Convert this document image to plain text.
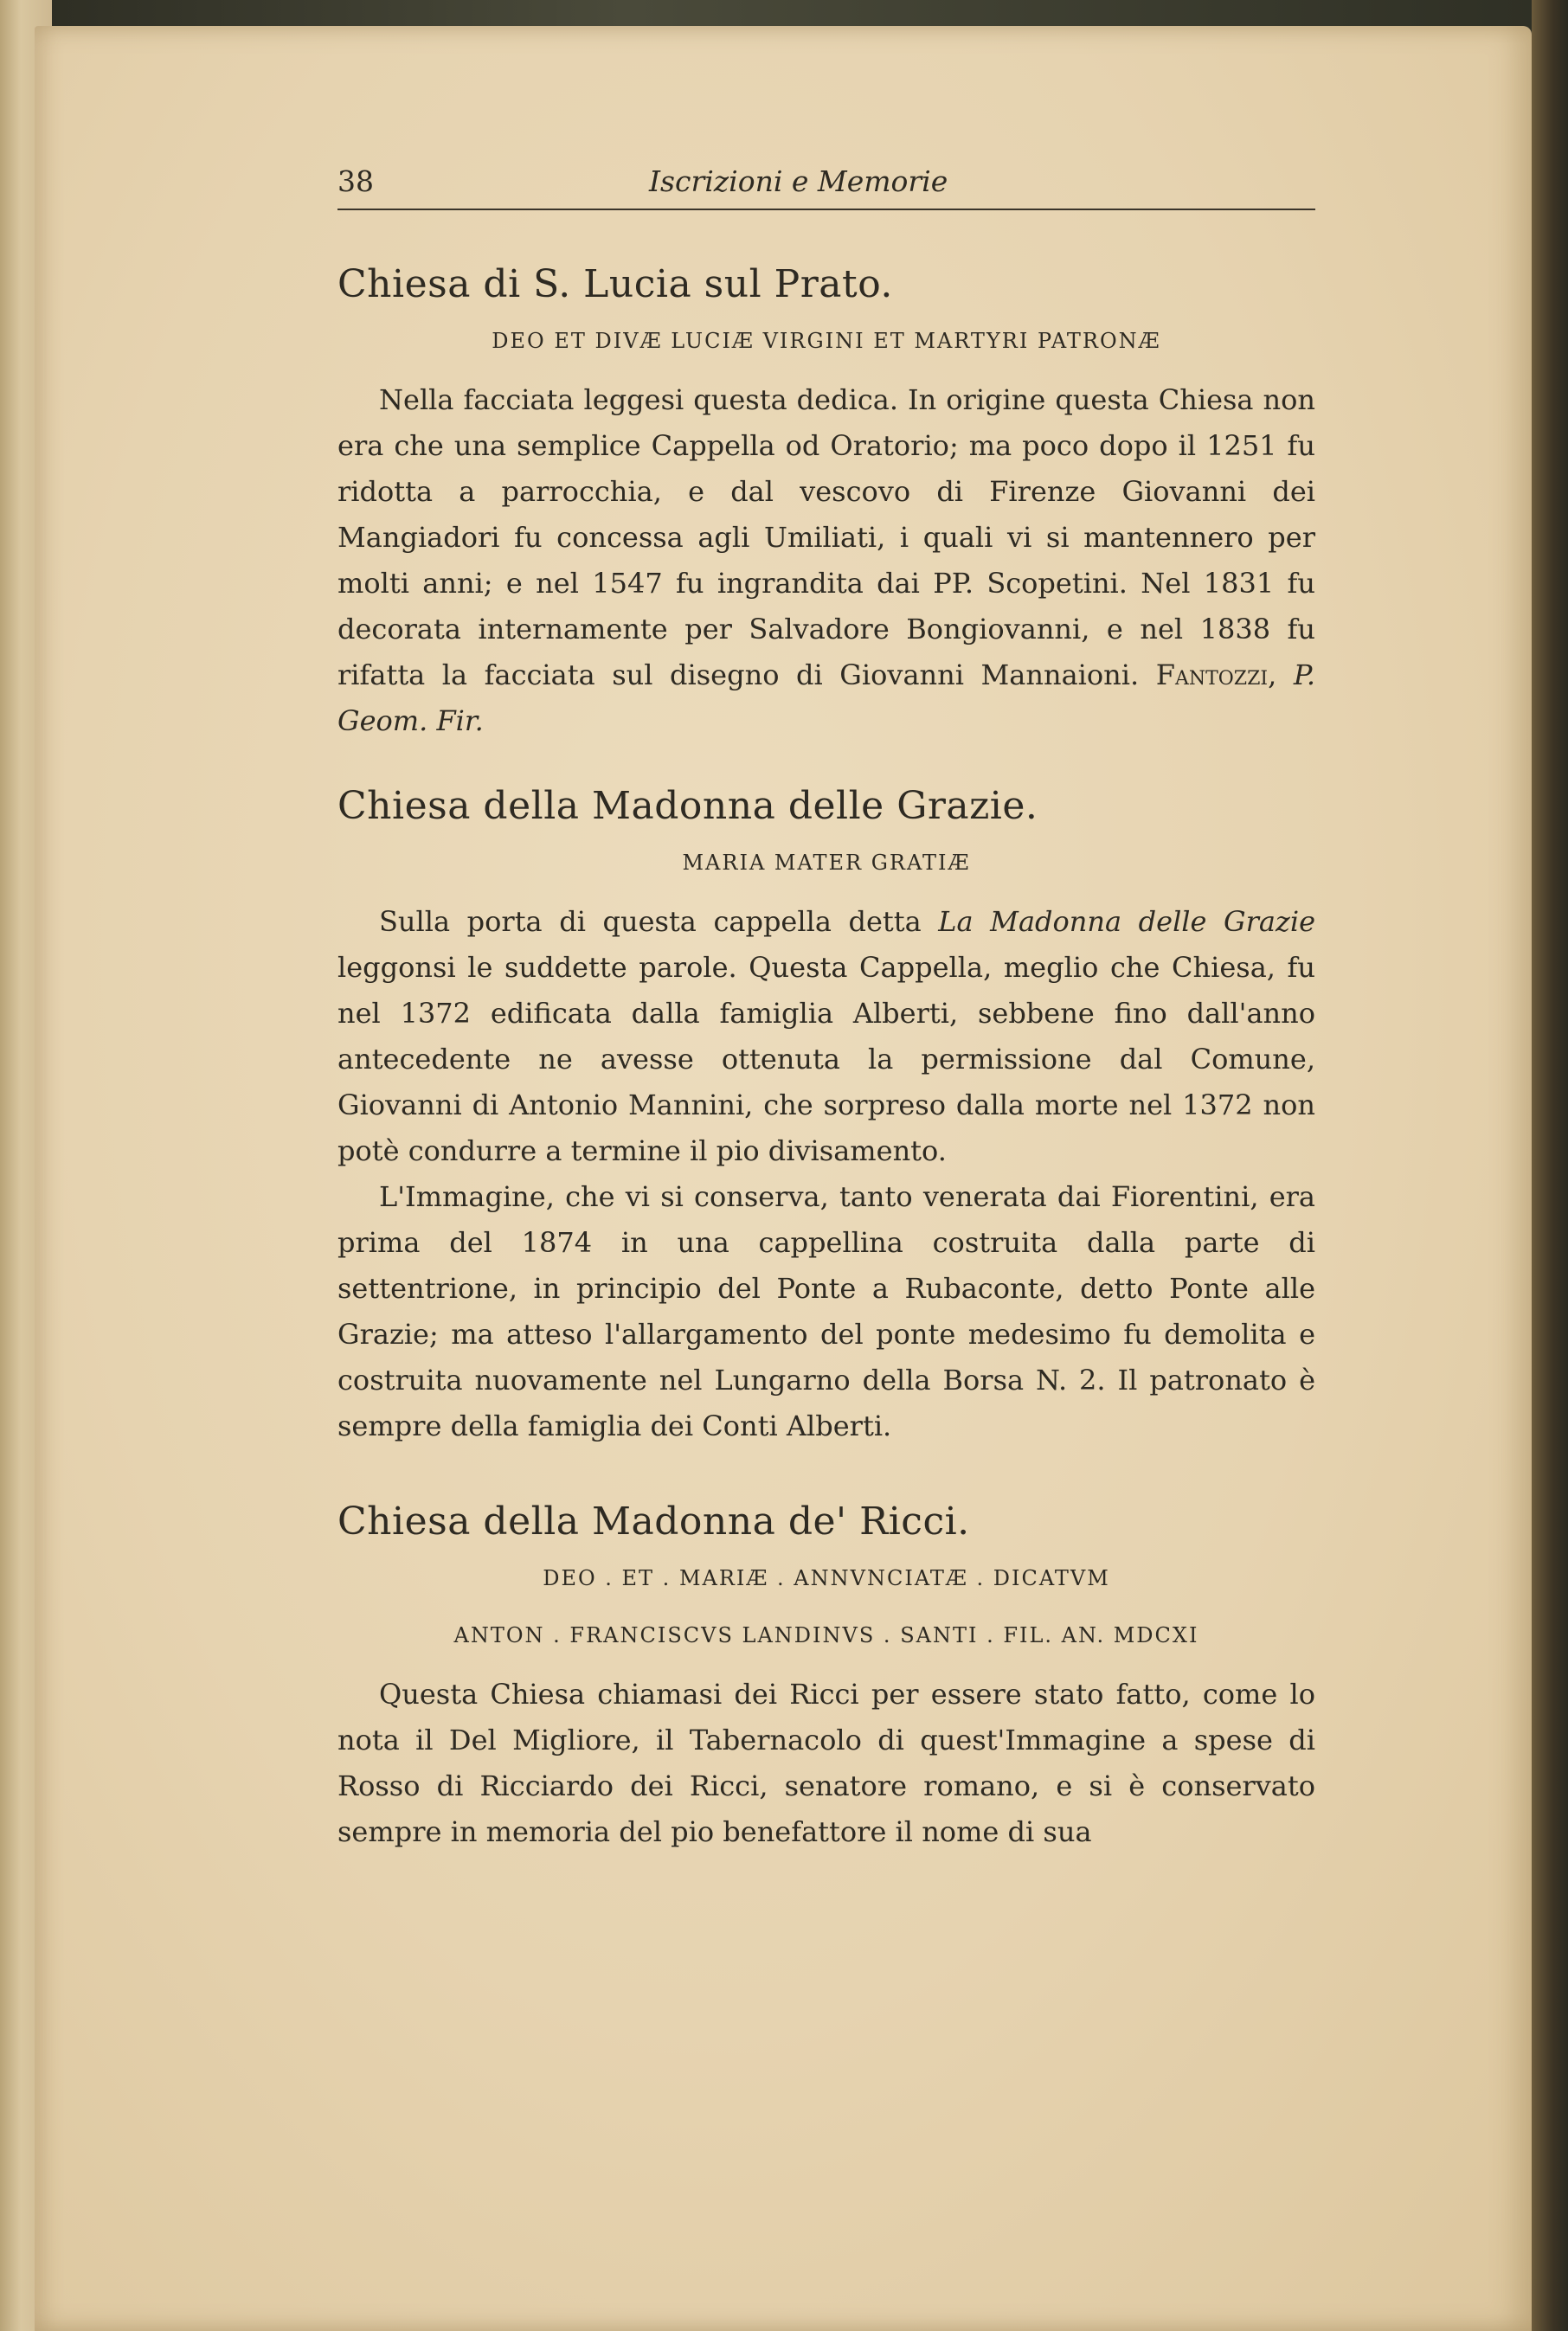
38	Iscrizioni e Memorie
Chiesa di S. Lucia sul Prato.

DEO ET DIVÆ LUCIÆ VIRGINI ET MARTYRI PATRONÆ

Nella facciata leggesi questa dedica. In origine questa Chiesa non era che una semplice Cappella od Oratorio; ma poco dopo il 1251 fu ridotta a parrocchia, e dal vescovo di Firenze Giovanni dei Mangiadori fu concessa agli Umiliati, i quali vi si mantennero per molti anni; e nel 1547 fu ingrandita dai PP. Scopetini. Nel 1831 fu decorata internamente per Salvadore Bongiovanni, e nel 1838 fu rifatta la facciata sul disegno di Giovanni Mannaioni. Fantozzi, P. Geom. Fir.

Chiesa della Madonna delle Grazie.

MARIA MATER GRATIÆ

Sulla porta di questa cappella detta La Madonna delle Grazie leggonsi le suddette parole. Questa Cappella, meglio che Chiesa, fu nel 1372 edificata dalla famiglia Alberti, sebbene fino dall'anno antecedente ne avesse ottenuta la permissione dal Comune, Giovanni di Antonio Mannini, che sorpreso dalla morte nel 1372 non potè condurre a termine il pio divisamento.

L'Immagine, che vi si conserva, tanto venerata dai Fiorentini, era prima del 1874 in una cappellina costruita dalla parte di settentrione, in principio del Ponte a Rubaconte, detto Ponte alle Grazie; ma atteso l'allargamento del ponte medesimo fu demolita e costruita nuovamente nel Lungarno della Borsa N. 2. Il patronato è sempre della famiglia dei Conti Alberti.

Chiesa della Madonna de' Ricci.

DEO . ET . MARIÆ . ANNVNCIATÆ . DICATVM

ANTON . FRANCISCVS LANDINVS . SANTI . FIL. AN. MDCXI

Questa Chiesa chiamasi dei Ricci per essere stato fatto, come lo nota il Del Migliore, il Tabernacolo di quest'Immagine a spese di Rosso di Ricciardo dei Ricci, senatore romano, e si è conservato sempre in memoria del pio benefattore il nome di sua
